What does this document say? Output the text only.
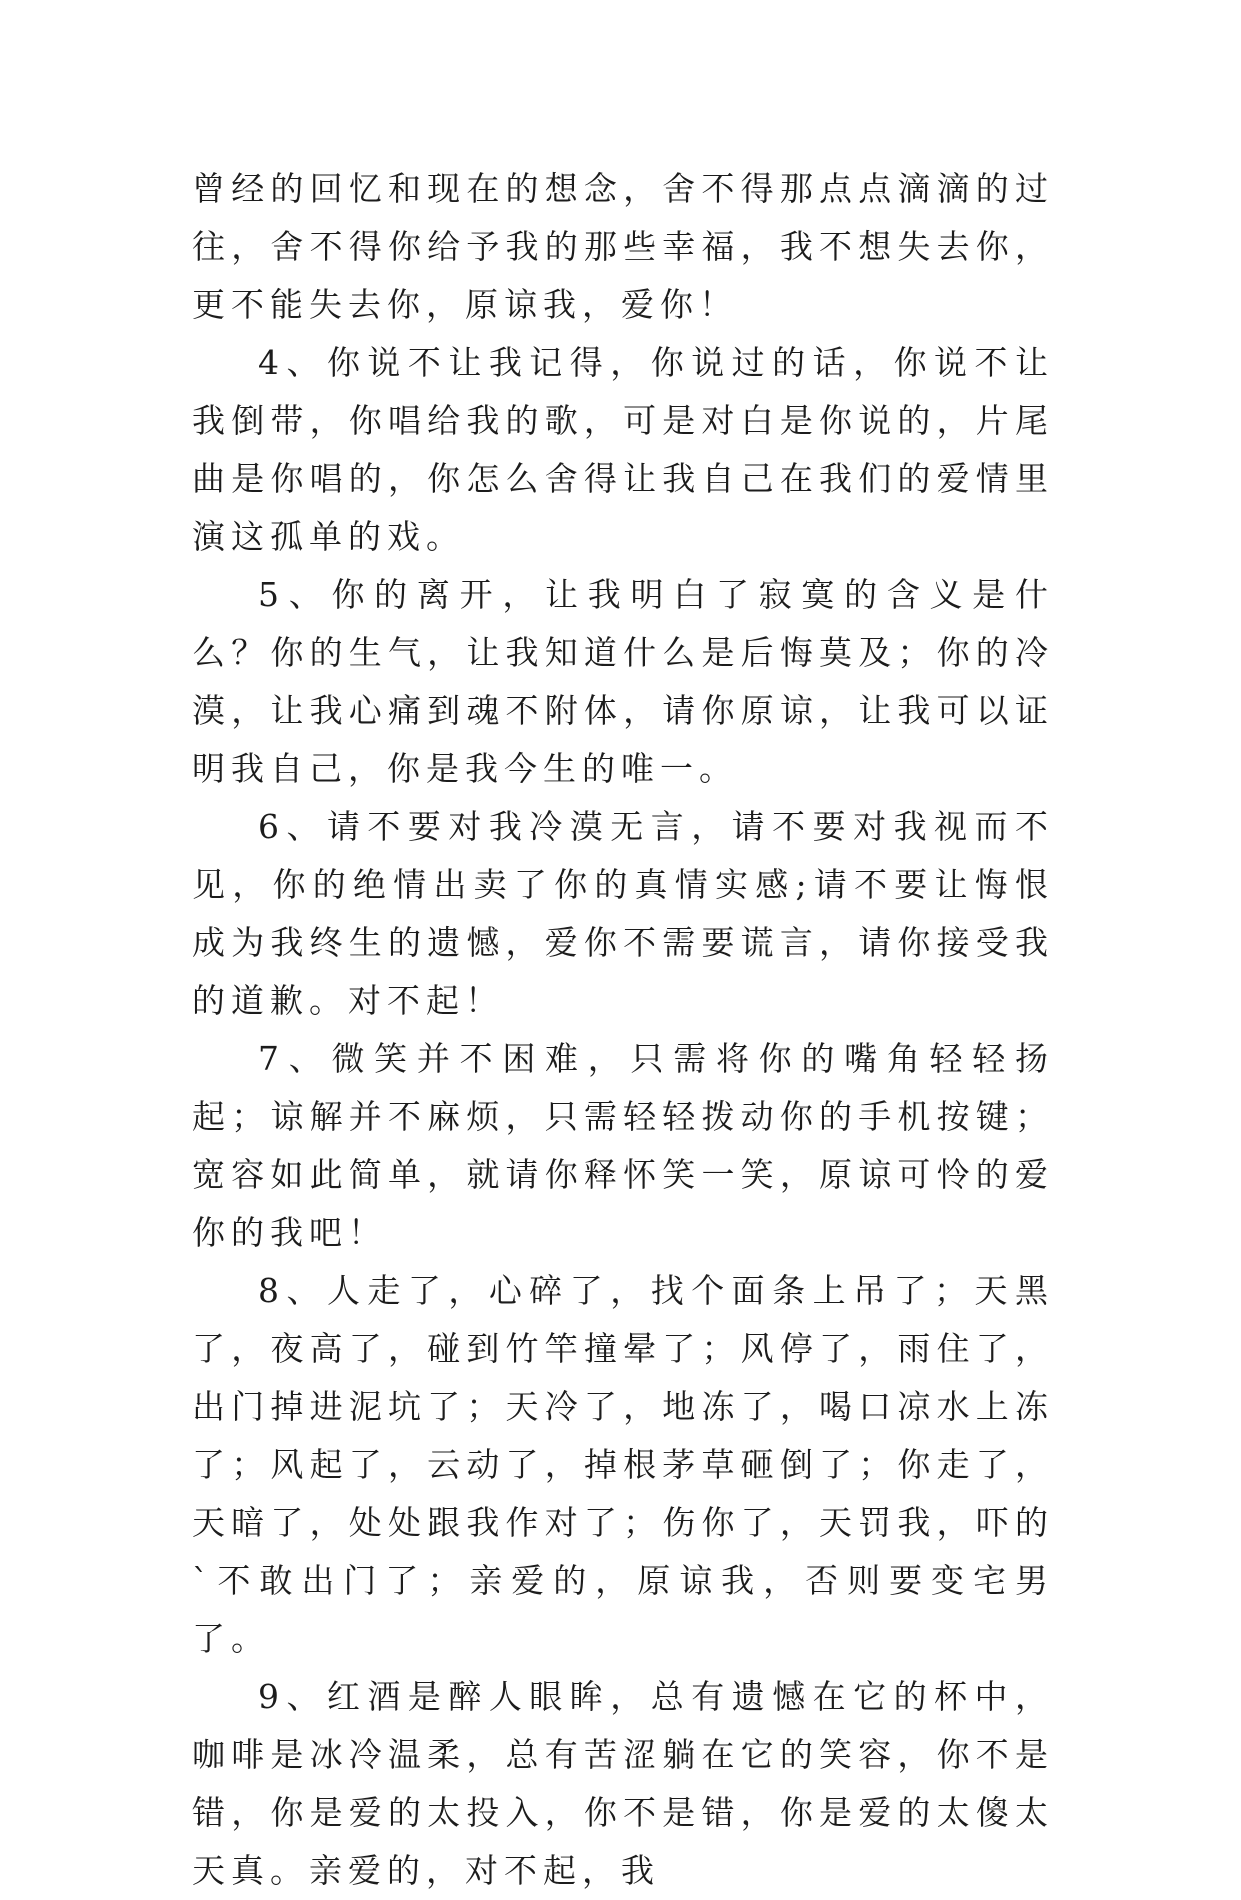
曾经的回忆和现在的想念，舍不得那点点滴滴的过往，舍不得你给予我的那些幸福，我不想失去你，更不能失去你，原谅我，爱你！

4、你说不让我记得，你说过的话，你说不让我倒带，你唱给我的歌，可是对白是你说的，片尾曲是你唱的，你怎么舍得让我自己在我们的爱情里演这孤单的戏。

5、你的离开，让我明白了寂寞的含义是什么？你的生气，让我知道什么是后悔莫及；你的冷漠，让我心痛到魂不附体，请你原谅，让我可以证明我自己，你是我今生的唯一。

6、请不要对我冷漠无言，请不要对我视而不见，你的绝情出卖了你的真情实感;请不要让悔恨成为我终生的遗憾，爱你不需要谎言，请你接受我的道歉。对不起！

7、微笑并不困难，只需将你的嘴角轻轻扬起；谅解并不麻烦，只需轻轻拨动你的手机按键；宽容如此简单，就请你释怀笑一笑，原谅可怜的爱你的我吧！

8、人走了，心碎了，找个面条上吊了；天黑了，夜高了，碰到竹竿撞晕了；风停了，雨住了，出门掉进泥坑了；天冷了，地冻了，喝口凉水上冻了；风起了，云动了，掉根茅草砸倒了；你走了，天暗了，处处跟我作对了；伤你了，天罚我，吓的`不敢出门了；亲爱的，原谅我，否则要变宅男了。

9、红酒是醉人眼眸，总有遗憾在它的杯中，咖啡是冰冷温柔，总有苦涩躺在它的笑容，你不是错，你是爱的太投入，你不是错，你是爱的太傻太天真。亲爱的，对不起，我
